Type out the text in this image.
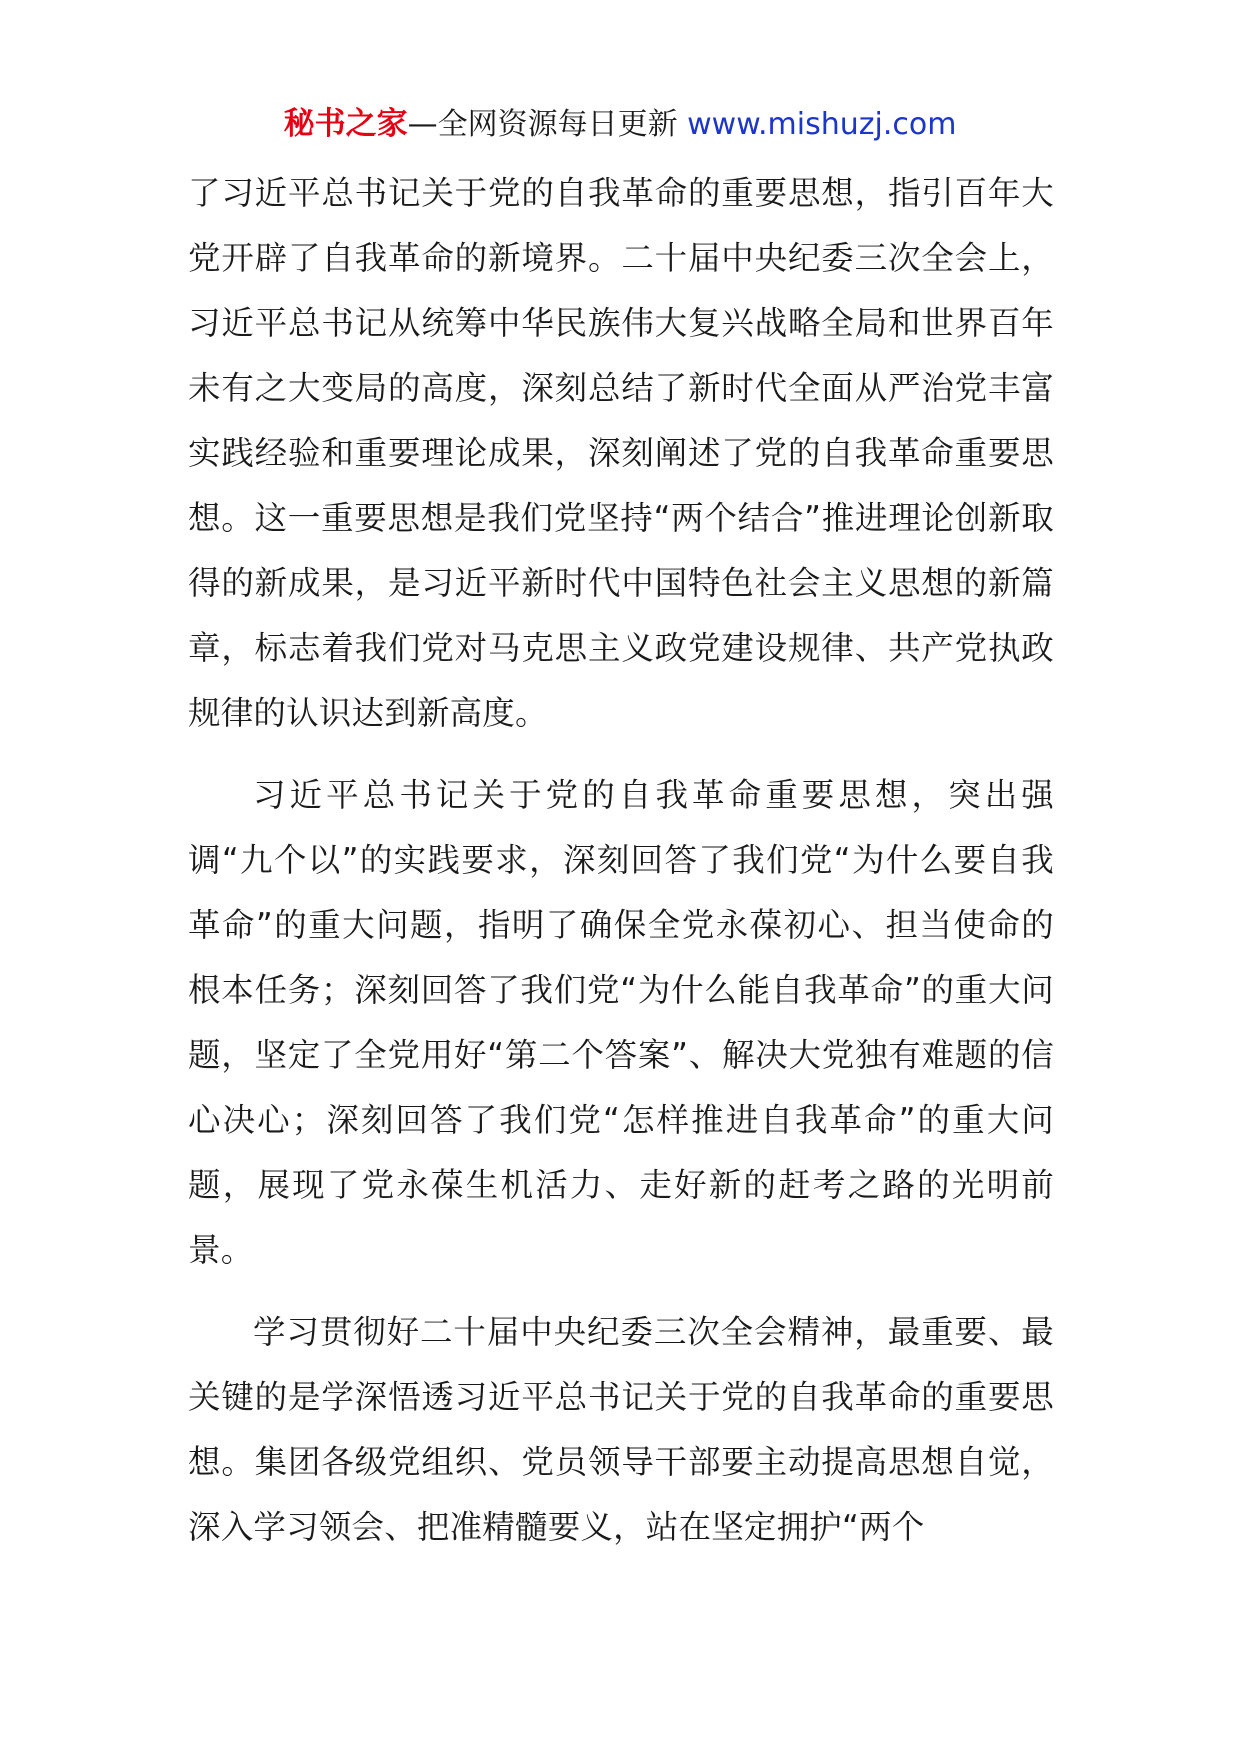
秘书之家—全网资源每日更新 www.mishuzj.com

了习近平总书记关于党的自我革命的重要思想，指引百年大党开辟了自我革命的新境界。二十届中央纪委三次全会上，习近平总书记从统筹中华民族伟大复兴战略全局和世界百年未有之大变局的高度，深刻总结了新时代全面从严治党丰富实践经验和重要理论成果，深刻阐述了党的自我革命重要思想。这一重要思想是我们党坚持“两个结合”推进理论创新取得的新成果，是习近平新时代中国特色社会主义思想的新篇章，标志着我们党对马克思主义政党建设规律、共产党执政规律的认识达到新高度。

习近平总书记关于党的自我革命重要思想，突出强调“九个以”的实践要求，深刻回答了我们党“为什么要自我革命”的重大问题，指明了确保全党永葆初心、担当使命的根本任务；深刻回答了我们党“为什么能自我革命”的重大问题，坚定了全党用好“第二个答案”、解决大党独有难题的信心决心；深刻回答了我们党“怎样推进自我革命”的重大问题，展现了党永葆生机活力、走好新的赶考之路的光明前景。

学习贯彻好二十届中央纪委三次全会精神，最重要、最关键的是学深悟透习近平总书记关于党的自我革命的重要思想。集团各级党组织、党员领导干部要主动提高思想自觉，深入学习领会、把准精髓要义，站在坚定拥护“两个
